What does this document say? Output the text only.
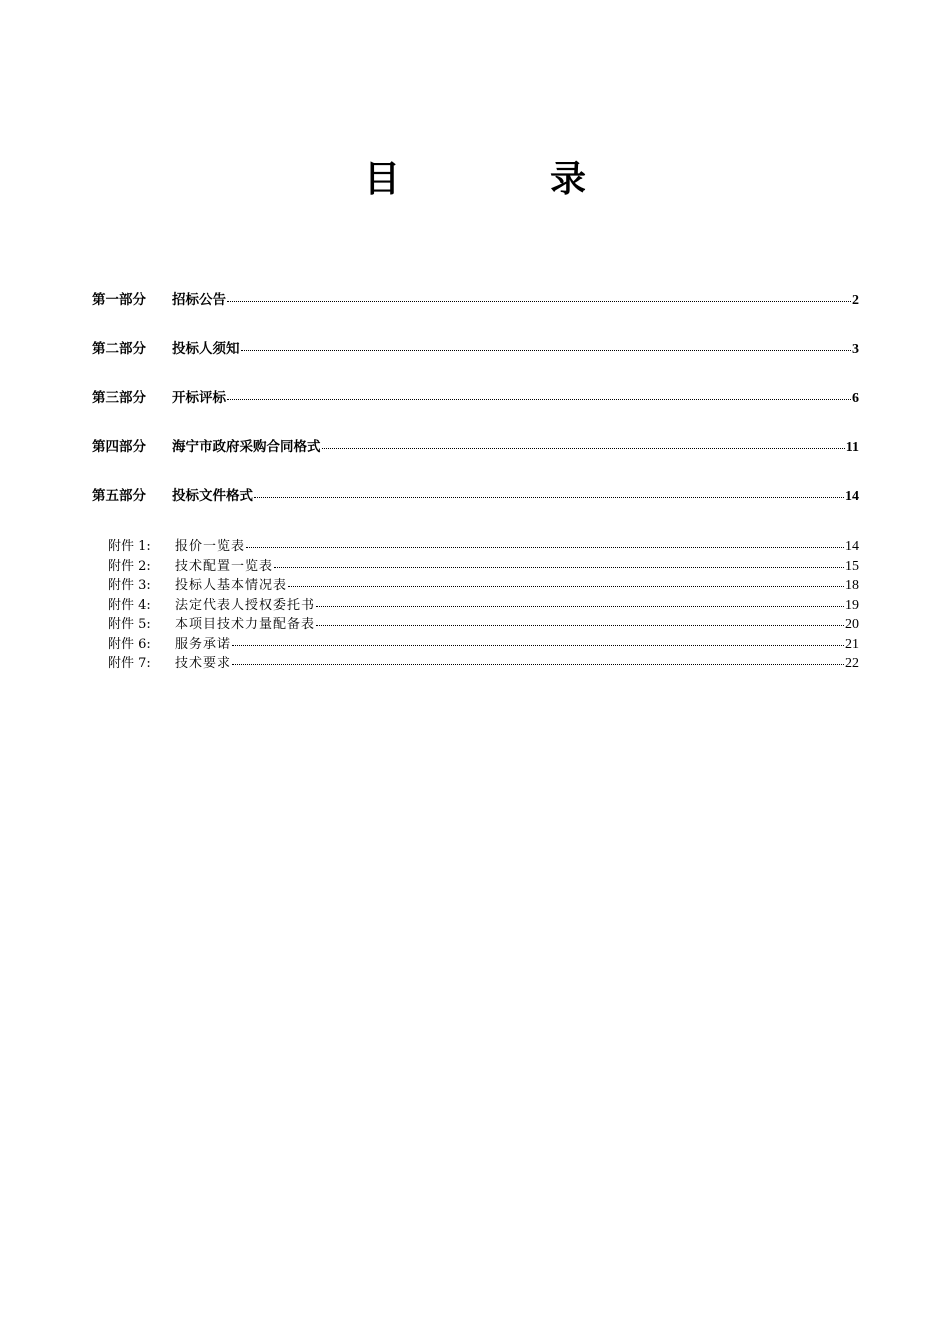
目	录
第一部分	招标公告	2
第二部分	投标人须知	3
第三部分	开标评标	6
第四部分	海宁市政府采购合同格式	11
第五部分	投标文件格式	14
附件 1:	报价一览表	14
附件 2:	技术配置一览表	15
附件 3:	投标人基本情况表	18
附件 4:	法定代表人授权委托书	19
附件 5:	本项目技术力量配备表	20
附件 6:	服务承诺	21
附件 7:	技术要求	22
